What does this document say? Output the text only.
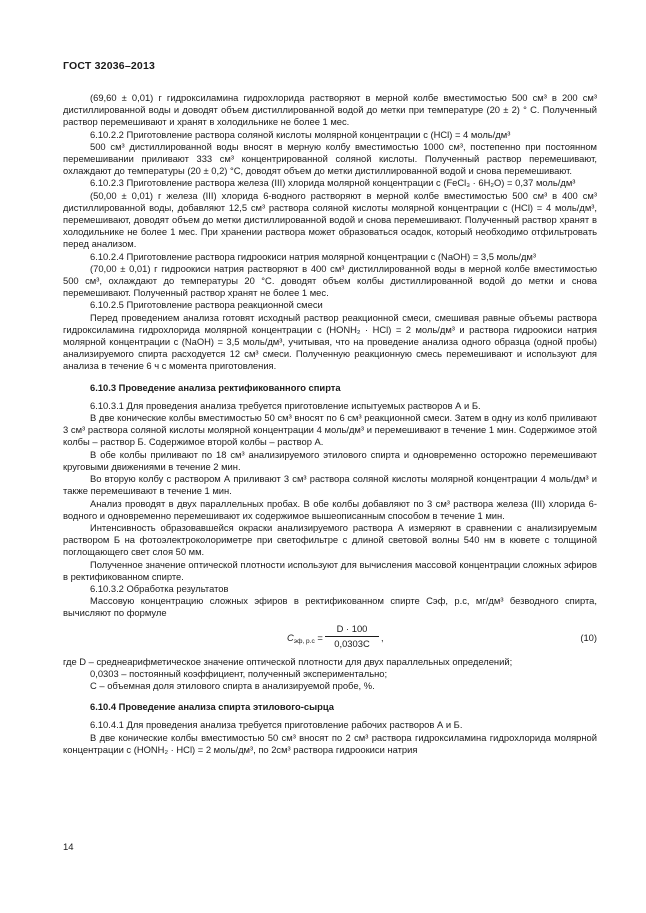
ГОСТ 32036–2013

(69,60 ± 0,01) г гидроксиламина гидрохлорида растворяют в мерной колбе вместимостью 500 см³ в 200 см³ дистиллированной воды и доводят объем дистиллированной водой до метки при температуре (20 ± 2) ° С. Полученный раствор перемешивают и хранят в холодильнике не более 1 мес.

6.10.2.2 Приготовление раствора соляной кислоты молярной концентрации c (HCl) = 4 моль/дм³

500 см³ дистиллированной воды вносят в мерную колбу вместимостью 1000 см³, постепенно при постоянном перемешивании приливают 333 см³ концентрированной соляной кислоты. Полученный раствор перемешивают, охлаждают до температуры (20 ± 0,2) °С, доводят объем до метки дистиллированной водой и снова перемешивают.

6.10.2.3 Приготовление раствора железа (III) хлорида молярной концентрации c (FeCl₃ · 6H₂O) = 0,37 моль/дм³

(50,00 ± 0,01) г железа (III) хлорида 6-водного растворяют в мерной колбе вместимостью 500 см³ в 400 см³ дистиллированной воды, добавляют 12,5 см³ раствора соляной кислоты молярной концентрации c (HCl) = 4 моль/дм³, перемешивают, доводят объем до метки дистиллированной водой и снова перемешивают. Полученный раствор хранят в холодильнике не более 1 мес. При хранении раствора может образоваться осадок, который необходимо отфильтровать перед анализом.

6.10.2.4 Приготовление раствора гидроокиси натрия молярной концентрации c (NaOH) = 3,5 моль/дм³

(70,00 ± 0,01) г гидроокиси натрия растворяют в 400 см³ дистиллированной воды в мерной колбе вместимостью 500 см³, охлаждают до температуры 20 °С. доводят объем колбы дистиллированной водой до метки и снова перемешивают. Полученный раствор хранят не более 1 мес.

6.10.2.5 Приготовление раствора реакционной смеси

Перед проведением анализа готовят исходный раствор реакционной смеси, смешивая равные объемы раствора гидроксиламина гидрохлорида молярной концентрации c (HONH₂ · HCl) = 2 моль/дм³ и раствора гидроокиси натрия молярной концентрации c (NaOH) = 3,5 моль/дм³, учитывая, что на проведение анализа одного образца (одной пробы) анализируемого спирта расходуется 12 см³ смеси. Полученную реакционную смесь перемешивают и используют для анализа в течение 6 ч с момента приготовления.

6.10.3 Проведение анализа ректификованного спирта

6.10.3.1 Для проведения анализа требуется приготовление испытуемых растворов А и Б.

В две конические колбы вместимостью 50 см³ вносят по 6 см³ реакционной смеси. Затем в одну из колб приливают 3 см³ раствора соляной кислоты молярной концентрации 4 моль/дм³ и перемешивают в течение 1 мин. Содержимое этой колбы – раствор Б. Содержимое второй колбы – раствор А.

В обе колбы приливают по 18 см³ анализируемого этилового спирта и одновременно осторожно перемешивают круговыми движениями в течение 2 мин.

Во вторую колбу с раствором А приливают 3 см³ раствора соляной кислоты молярной концентрации 4 моль/дм³ и также перемешивают в течение 1 мин.

Анализ проводят в двух параллельных пробах. В обе колбы добавляют по 3 см³ раствора железа (III) хлорида 6-водного и одновременно перемешивают их содержимое вышеописанным способом в течение 1 мин.

Интенсивность образовавшейся окраски анализируемого раствора А измеряют в сравнении с анализируемым раствором Б на фотоэлектроколориметре при светофильтре с длиной световой волны 540 нм в кювете с толщиной поглощающего свет слоя 50 мм.

Полученное значение оптической плотности используют для вычисления массовой концентрации сложных эфиров в ректификованном спирте.

6.10.3.2 Обработка результатов

Массовую концентрацию сложных эфиров в ректификованном спирте Cэф, р.с, мг/дм³ безводного спирта, вычисляют по формуле

$C_{эф, р.с} = \frac{D \cdot 100}{0,0303C}$ ,	(10)

где D – среднеарифметическое значение оптической плотности для двух параллельных определений;

0,0303 – постоянный коэффициент, полученный экспериментально;

C – объемная доля этилового спирта в анализируемой пробе, %.

6.10.4 Проведение анализа спирта этилового-сырца

6.10.4.1 Для проведения анализа требуется приготовление рабочих растворов А и Б.

В две конические колбы вместимостью 50 см³ вносят по 2 см³ раствора гидроксиламина гидрохлорида молярной концентрации c (HONH₂ · HCl) = 2 моль/дм³, по 2см³ раствора гидроокиси натрия

14
